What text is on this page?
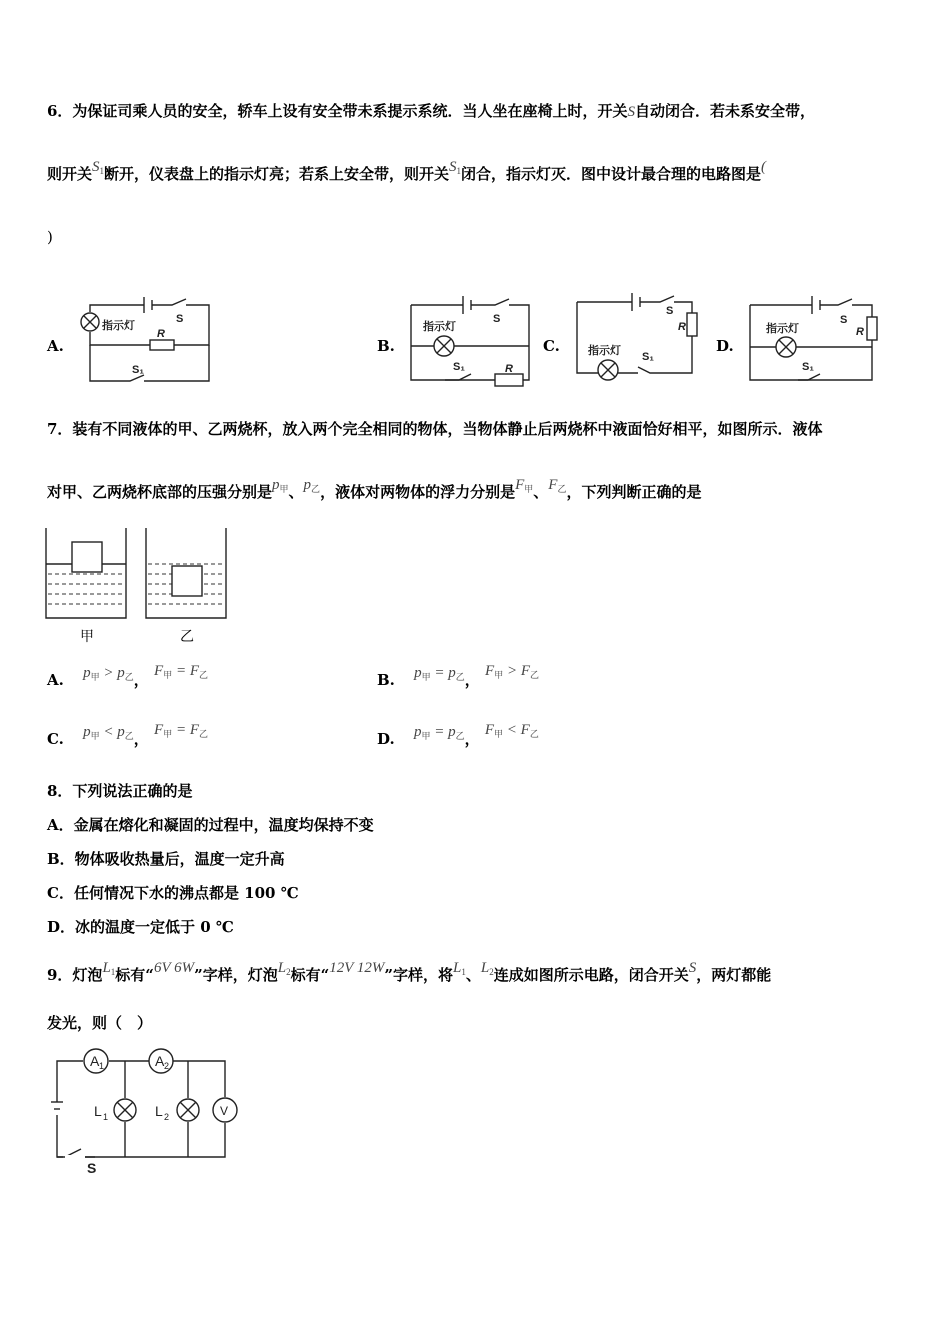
6．为保证司乘人员的安全，轿车上设有安全带未系提示系统．当人坐在座椅上时，开关S自动闭合．若未系安全带，
则开关$S_1$断开，仪表盘上的指示灯亮；若系上安全带，则开关$S_1$闭合，指示灯灭．图中设计最合理的电路图是(
)
A.	B.	C.	D.
S
R
指示灯
S₁
S
指示灯
S₁	R
S
R
指示灯 S₁
S
R
指示灯
S₁
7．装有不同液体的甲、乙两烧杯，放入两个完全相同的物体，当物体静止后两烧杯中液面恰好相平，如图所示．液体
对甲、乙两烧杯底部的压强分别是$p_甲$、$p_乙$，液体对两物体的浮力分别是$F_甲$、$F_乙$，下列判断正确的是
甲	乙
A. $p_甲 > p_乙$， $F_甲 = F_乙$	B. $p_甲 = p_乙$， $F_甲 > F_乙$
C. $p_甲 < p_乙$， $F_甲 = F_乙$	D. $p_甲 = p_乙$， $F_甲 < F_乙$
8．下列说法正确的是
A．金属在熔化和凝固的过程中，温度均保持不变
B．物体吸收热量后，温度一定升高
C．任何情况下水的沸点都是 100 ℃
D．冰的温度一定低于 0 ℃
9．灯泡$L_1$标有“6V 6W”字样，灯泡$L_2$标有“12V 12W”字样，将$L_1$、$L_2$连成如图所示电路，闭合开关S，两灯都能
发光，则（　）
A 1	A 2
L 1	L 2	V
S
